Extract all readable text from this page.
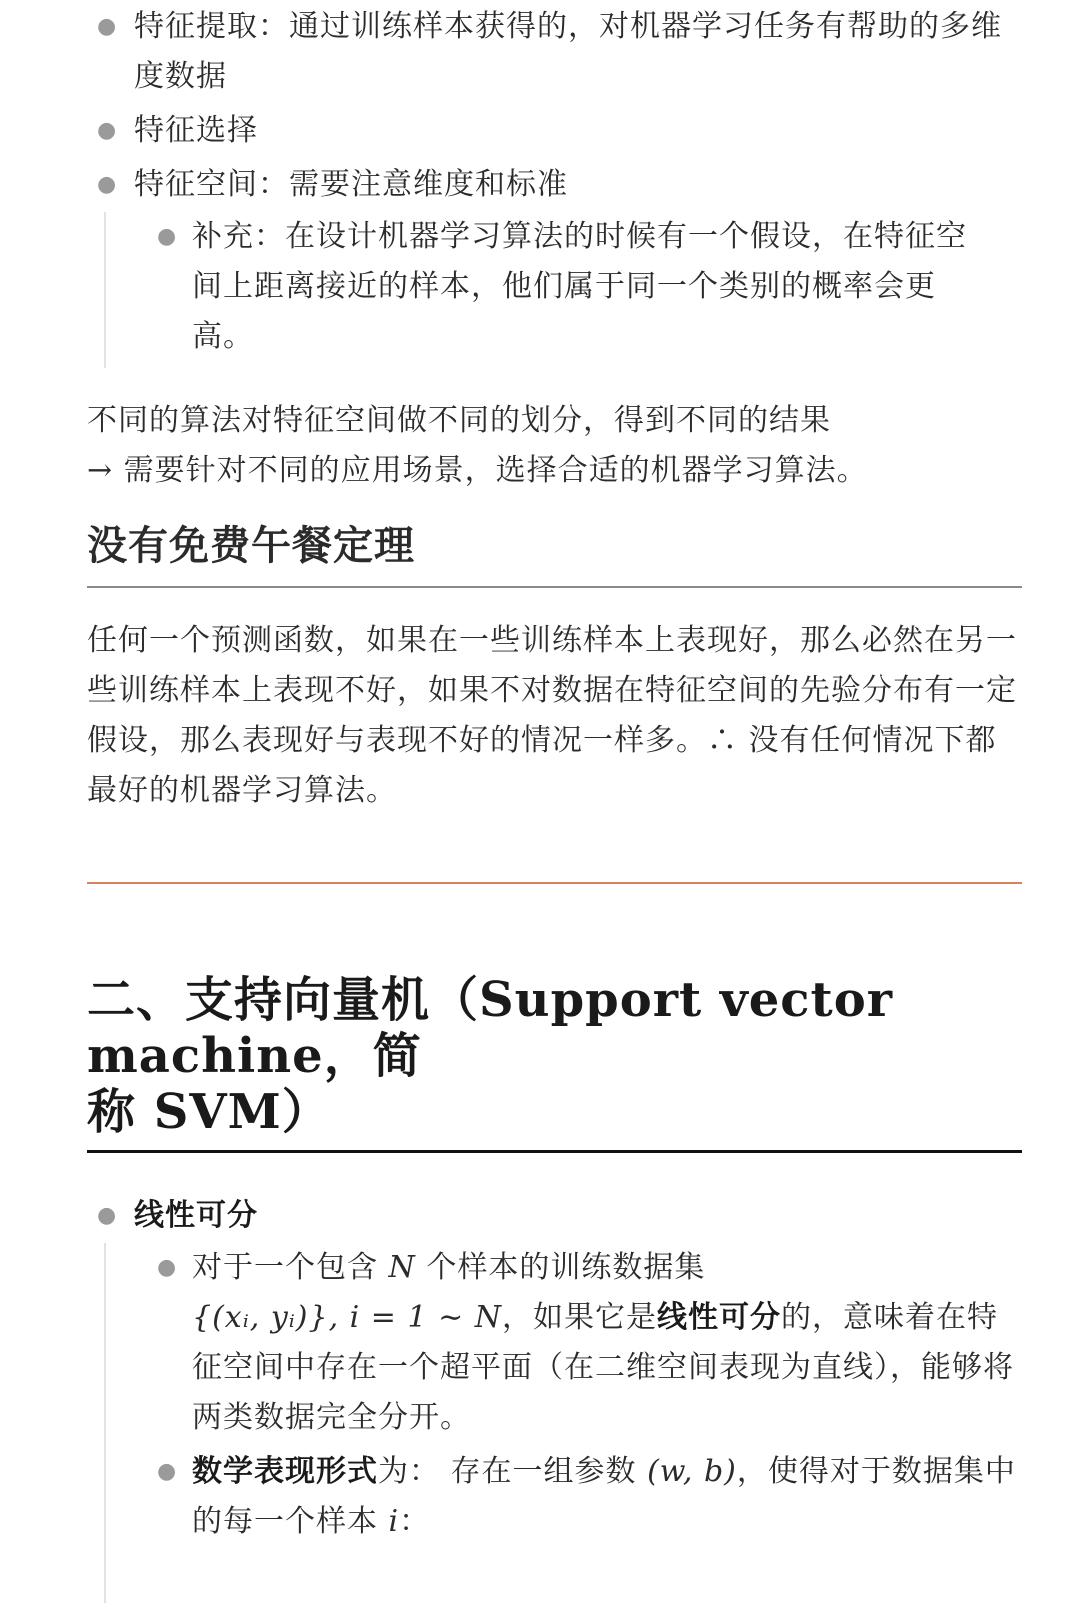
● 特征提取：通过训练样本获得的，对机器学习任务有帮助的多维度数据
● 特征选择
● 特征空间：需要注意维度和标准
● 补充：在设计机器学习算法的时候有一个假设，在特征空间上距离接近的样本，他们属于同一个类别的概率会更高。

不同的算法对特征空间做不同的划分，得到不同的结果

→ 需要针对不同的应用场景，选择合适的机器学习算法。

没有免费午餐定理

任何一个预测函数，如果在一些训练样本上表现好，那么必然在另一些训练样本上表现不好，如果不对数据在特征空间的先验分布有一定假设，那么表现好与表现不好的情况一样多。∴ 没有任何情况下都最好的机器学习算法。

二、支持向量机（Support vector machine，简
称 SVM）
● 线性可分
● 对于一个包含 N 个样本的训练数据集
{(xᵢ, yᵢ)}, i = 1 ∼ N，如果它是线性可分的，意味着在特征空间中存在一个超平面（在二维空间表现为直线），能够将两类数据完全分开。
● 数学表现形式为： 存在一组参数 (w, b)，使得对于数据集中的每一个样本 i：
